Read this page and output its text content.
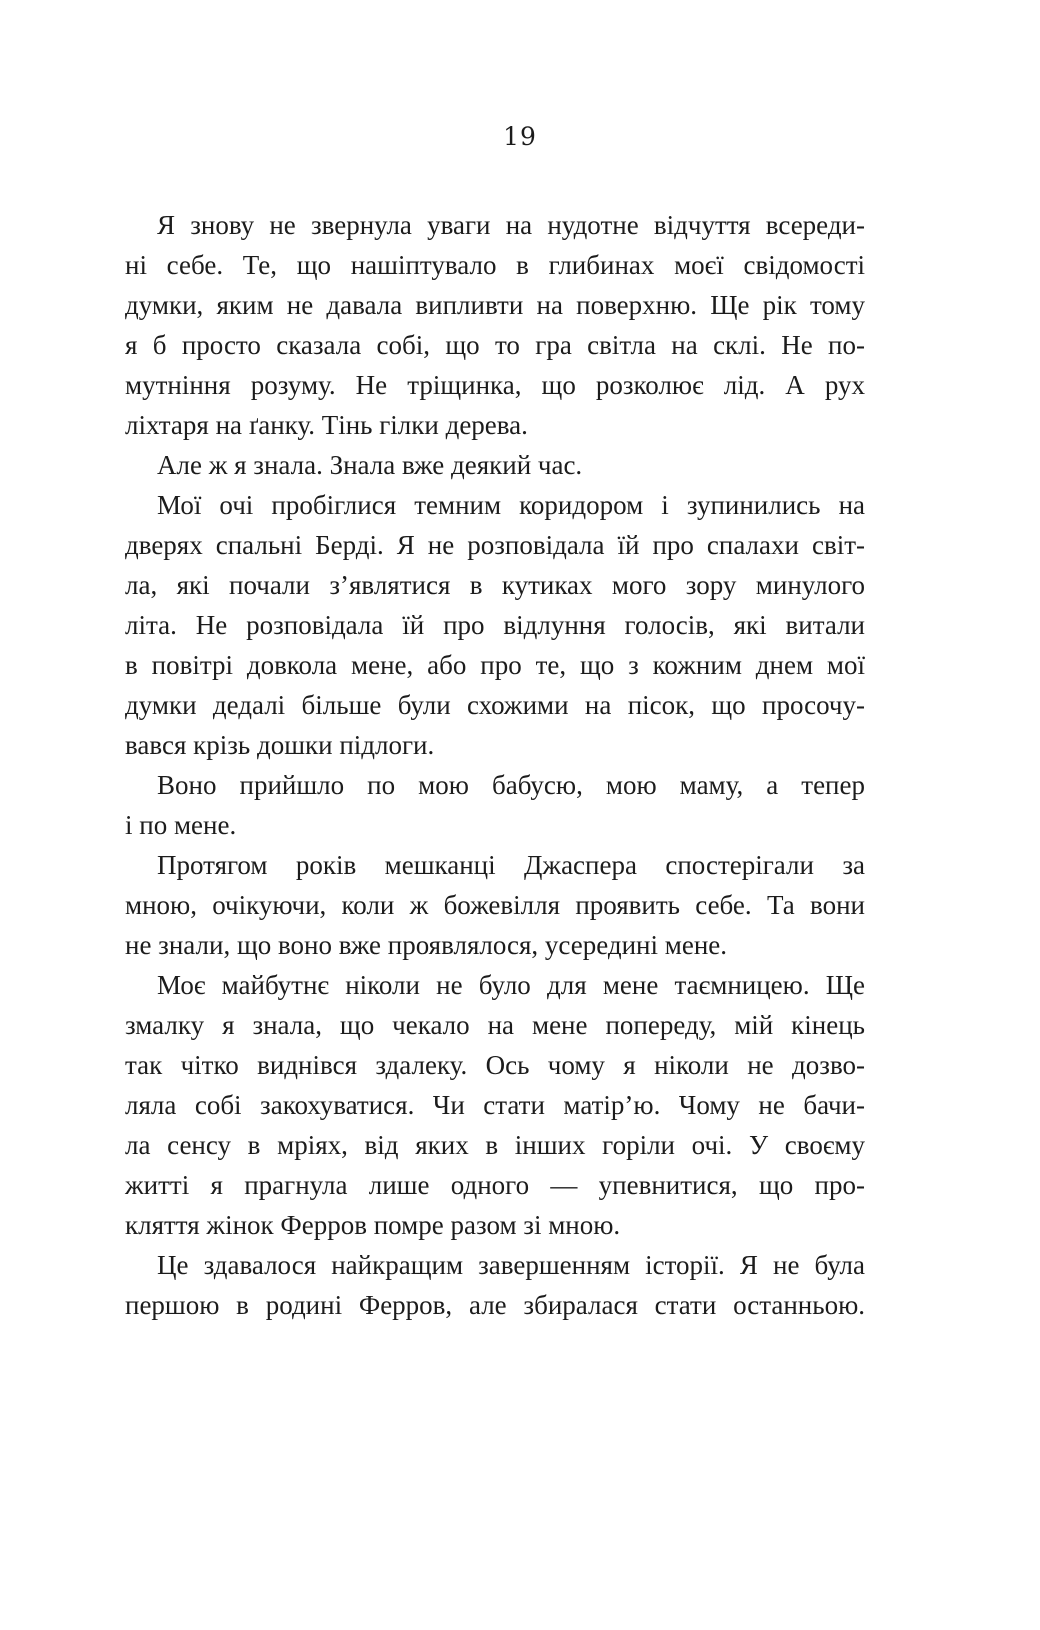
19
Я знову не звернула уваги на нудотне відчуття всереди-
ні себе. Те, що нашіптувало в глибинах моєї свідомості
думки, яким не давала випливти на поверхню. Ще рік тому
я б просто сказала собі, що то гра світла на склі. Не по-
мутніння розуму. Не тріщинка, що розколює лід. А рух
ліхтаря на ґанку. Тінь гілки дерева.
Але ж я знала. Знала вже деякий час.
Мої очі пробіглися темним коридором і зупинились на
дверях спальні Берді. Я не розповідала їй про спалахи світ-
ла, які почали з’являтися в кутиках мого зору минулого
літа. Не розповідала їй про відлуння голосів, які витали
в повітрі довкола мене, або про те, що з кожним днем мої
думки дедалі більше були схожими на пісок, що просочу-
вався крізь дошки підлоги.
Воно прийшло по мою бабусю, мою маму, а тепер
і по мене.
Протягом років мешканці Джаспера спостерігали за
мною, очікуючи, коли ж божевілля проявить себе. Та вони
не знали, що воно вже проявлялося, усередині мене.
Моє майбутнє ніколи не було для мене таємницею. Ще
змалку я знала, що чекало на мене попереду, мій кінець
так чітко виднівся здалеку. Ось чому я ніколи не дозво-
ляла собі закохуватися. Чи стати матір’ю. Чому не бачи-
ла сенсу в мріях, від яких в інших горіли очі. У своєму
житті я прагнула лише одного — упевнитися, що про-
кляття жінок Ферров помре разом зі мною.
Це здавалося найкращим завершенням історії. Я не була
першою в родині Ферров, але збиралася стати останньою.
